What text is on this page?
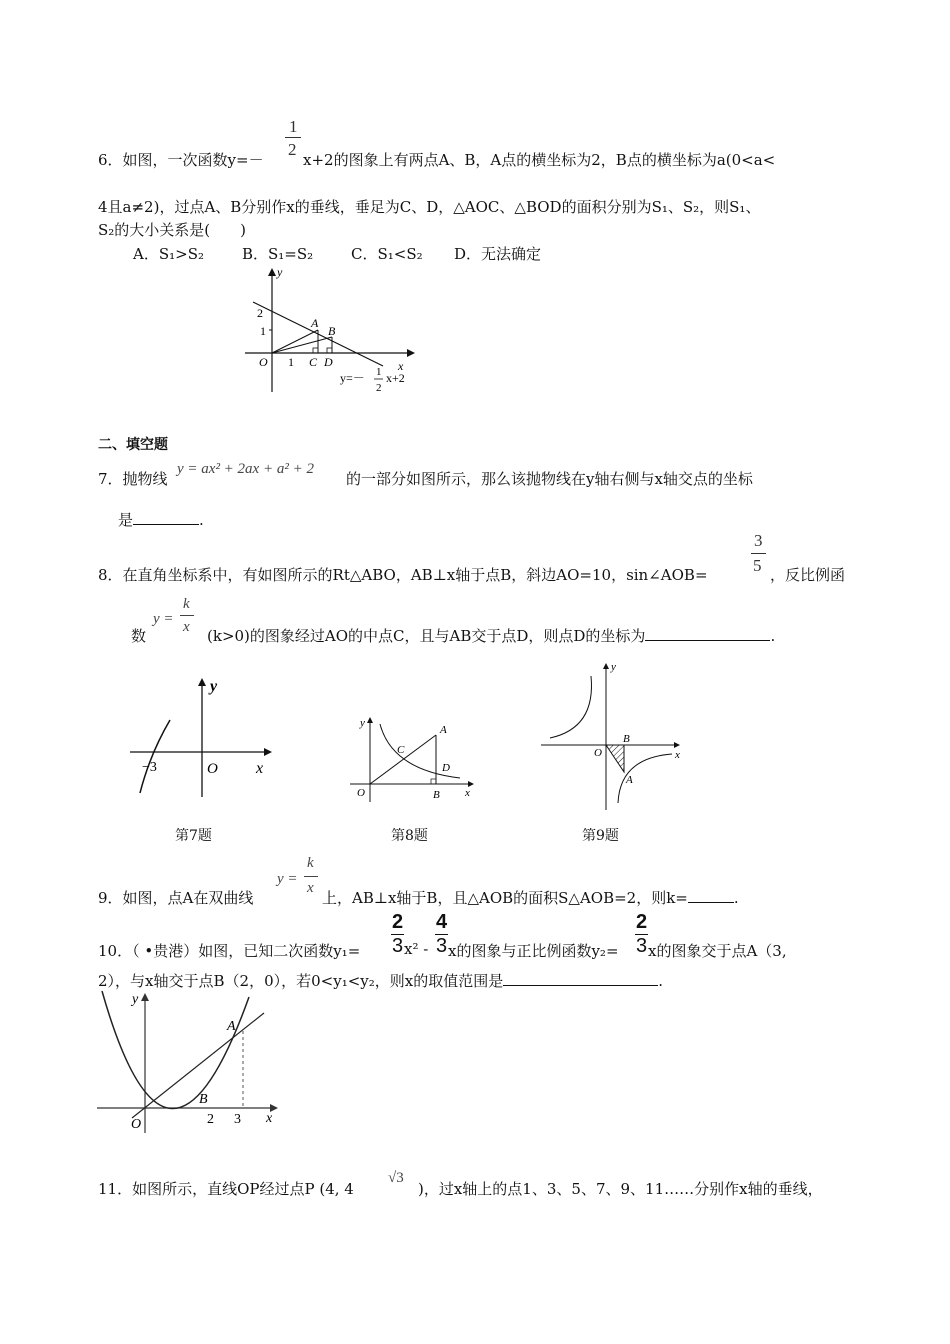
1
2
6．如图，一次函数y=－	x+2的图象上有两点A、B，A点的横坐标为2，B点的横坐标为a(0<a<
4且a≠2)，过点A、B分别作x的垂线，垂足为C、D，△AOC、△BOD的面积分别为S₁、S₂，则S₁、
S₂的大小关系是(　　)
A．S₁>S₂	B．S₁=S₂	C．S₁<S₂ D．无法确定
y
x
O
2
1
1
A
B
C D
y=－ 1
2
x+2
二、填空题
7．抛物线
y = ax² + 2ax + a² + 2
的一部分如图所示，那么该抛物线在y轴右侧与x轴交点的坐标
是	.
3
5
8．在直角坐标系中，有如图所示的Rt△ABO，AB⊥x轴于点B，斜边AO=10，sin∠AOB=	，反比例函
数
y =
k
x (k>0)的图象经过AO的中点C，且与AB交于点D，则点D的坐标为	.
y
x
O
−3
第7题
y
x
O
A
B
C
D
第8题
y
x
O
B
A
第9题
9．如图，点A在双曲线
y =
k
x
上，AB⊥x轴于B，且△AOB的面积S△AOB=2，则k=	.
2 4	2
10．（ •贵港）如图，已知二次函数y₁= 3 x² - 3 x的图象与正比例函数y₂= 3 x的图象交于点A（3,
2），与x轴交于点B（2，0），若0<y₁<y₂，则x的取值范围是	.
y
x
O
A
B
2 3
11．如图所示，直线OP经过点P (4, 4
√3
)，过x轴上的点1、3、5、7、9、11……分别作x轴的垂线，
